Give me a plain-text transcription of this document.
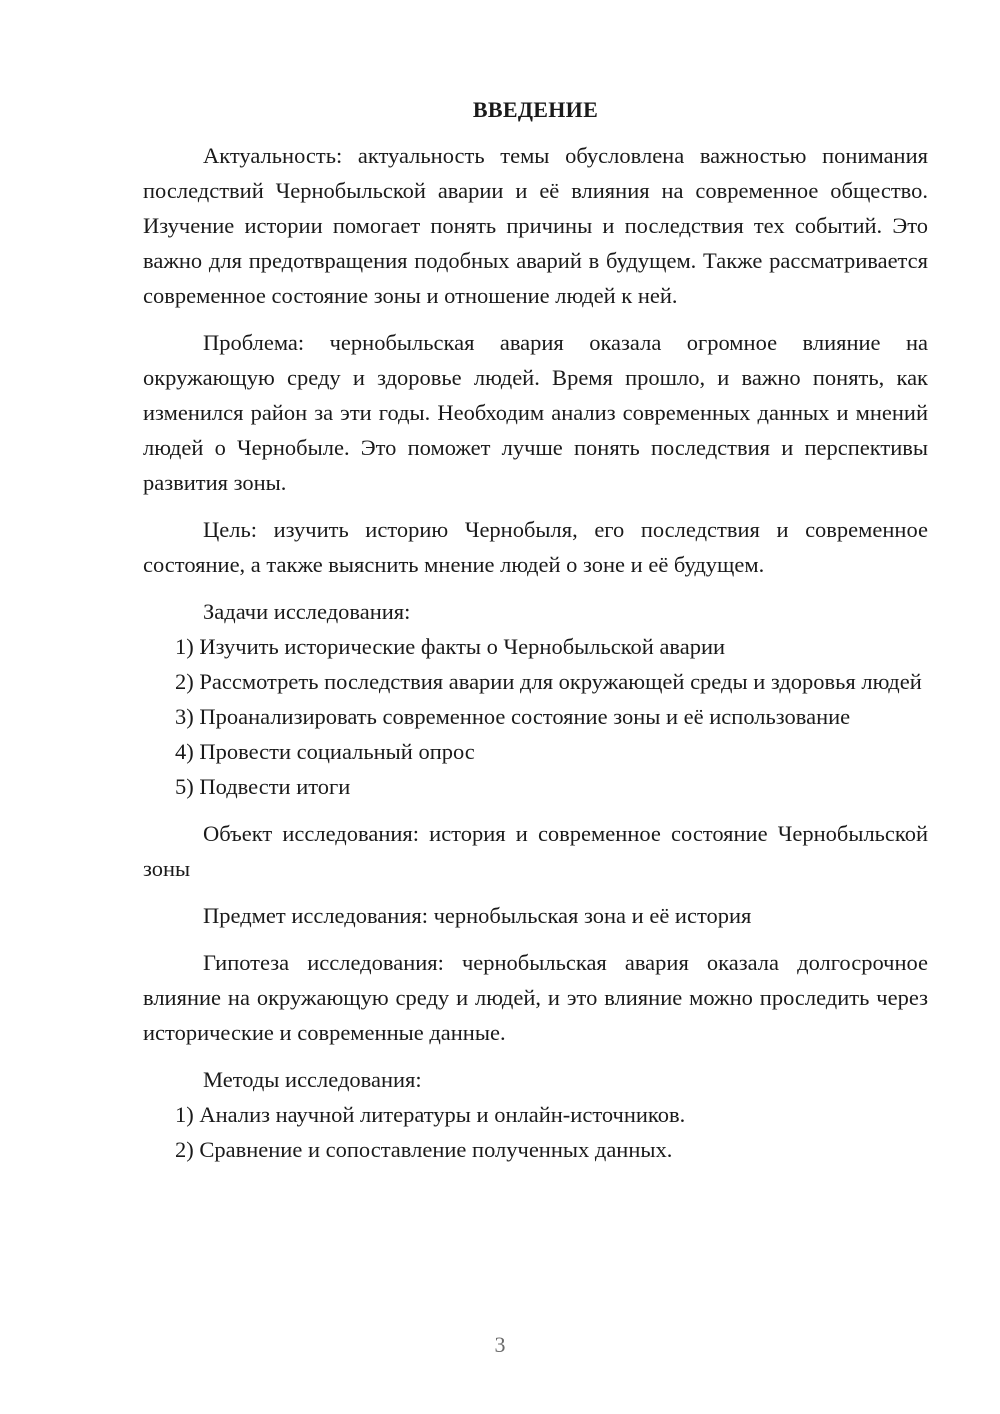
ВВЕДЕНИЕ

Актуальность: актуальность темы обусловлена важностью понимания последствий Чернобыльской аварии и её влияния на современное общество. Изучение истории помогает понять причины и последствия тех событий. Это важно для предотвращения подобных аварий в будущем. Также рассматривается современное состояние зоны и отношение людей к ней.

Проблема: чернобыльская авария оказала огромное влияние на окружающую среду и здоровье людей. Время прошло, и важно понять, как изменился район за эти годы. Необходим анализ современных данных и мнений людей о Чернобыле. Это поможет лучше понять последствия и перспективы развития зоны.

Цель: изучить историю Чернобыля, его последствия и современное состояние, а также выяснить мнение людей о зоне и её будущем.

Задачи исследования:

1) Изучить исторические факты о Чернобыльской аварии

2) Рассмотреть последствия аварии для окружающей среды и здоровья людей

3) Проанализировать современное состояние зоны и её использование

4) Провести социальный опрос

5) Подвести итоги

Объект исследования: история и современное состояние Чернобыльской зоны

Предмет исследования: чернобыльская зона и её история

Гипотеза исследования: чернобыльская авария оказала долгосрочное влияние на окружающую среду и людей, и это влияние можно проследить через исторические и современные данные.

Методы исследования:

1) Анализ научной литературы и онлайн-источников.

2) Сравнение и сопоставление полученных данных.

3
